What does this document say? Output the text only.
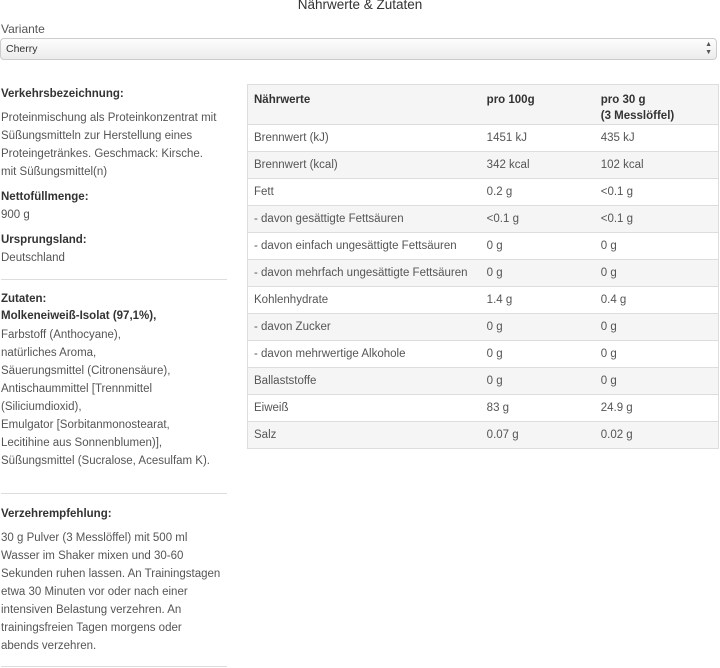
Nährwerte & Zutaten
Variante
Cherry	▲
▼
Verkehrsbezeichnung:
Proteinmischung als Proteinkonzentrat mit
Süßungsmitteln zur Herstellung eines
Proteingetränkes. Geschmack: Kirsche.
mit Süßungsmittel(n)
Nettofüllmenge:
900 g
Ursprungsland:
Deutschland
Zutaten:
Molkeneiweiß-Isolat (97,1%),
Farbstoff (Anthocyane),
natürliches Aroma,
Säuerungsmittel (Citronensäure),
Antischaummittel [Trennmittel
(Siliciumdioxid),
Emulgator [Sorbitanmonostearat,
Lecitihine aus Sonnenblumen)],
Süßungsmittel (Sucralose, Acesulfam K).
Verzehrempfehlung:
30 g Pulver (3 Messlöffel) mit 500 ml
Wasser im Shaker mixen und 30-60
Sekunden ruhen lassen. An Trainingstagen
etwa 30 Minuten vor oder nach einer
intensiven Belastung verzehren. An
trainingsfreien Tagen morgens oder
abends verzehren.
Nährwerte	pro 100g	pro 30 g
(3 Messlöffel)

Brennwert (kJ)	1451 kJ	435 kJ
Brennwert (kcal)	342 kcal	102 kcal
Fett	0.2 g	<0.1 g
- davon gesättigte Fettsäuren	<0.1 g	<0.1 g
- davon einfach ungesättigte Fettsäuren	0 g	0 g
- davon mehrfach ungesättigte Fettsäuren	0 g	0 g
Kohlenhydrate	1.4 g	0.4 g
- davon Zucker	0 g	0 g
- davon mehrwertige Alkohole	0 g	0 g
Ballaststoffe	0 g	0 g
Eiweiß	83 g	24.9 g
Salz	0.07 g	0.02 g
